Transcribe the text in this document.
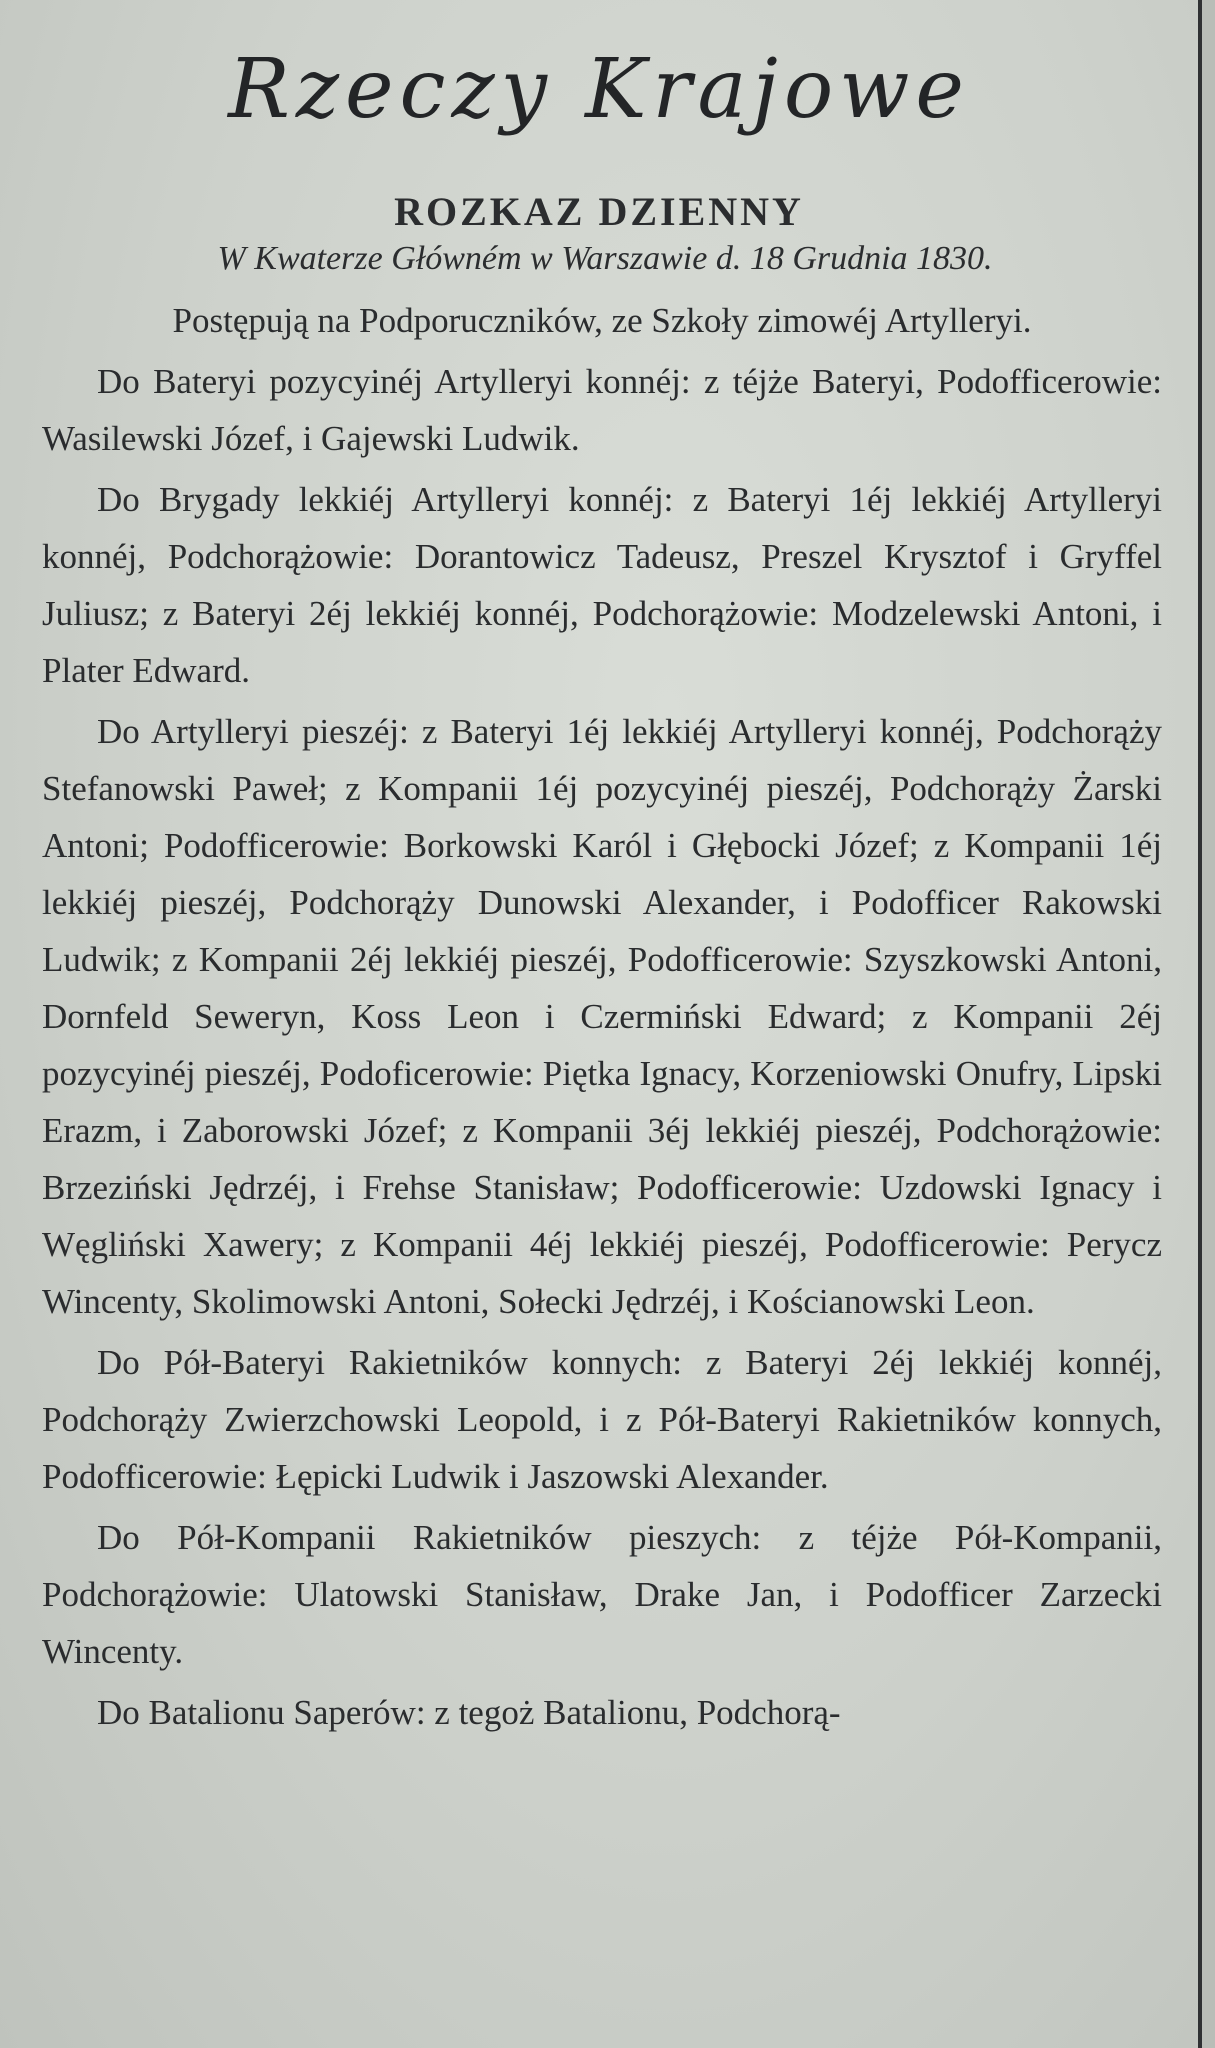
Rzeczy Krajowe
ROZKAZ DZIENNY
W Kwaterze Główném w Warszawie d. 18 Grudnia 1830.

Postępują na Podporuczników, ze Szkoły zimowéj Artylleryi.

Do Bateryi pozycyinéj Artylleryi konnéj: z téjże Bateryi, Podofficerowie: Wasilewski Józef, i Gajewski Ludwik.

Do Brygady lekkiéj Artylleryi konnéj: z Bateryi 1éj lekkiéj Artylleryi konnéj, Podchorążowie: Dorantowicz Tadeusz, Preszel Krysztof i Gryffel Juliusz; z Bateryi 2éj lekkiéj konnéj, Podchorążowie: Modzelewski Antoni, i Plater Edward.

Do Artylleryi pieszéj: z Bateryi 1éj lekkiéj Artylleryi konnéj, Podchorąży Stefanowski Paweł; z Kompanii 1éj pozycyinéj pieszéj, Podchorąży Żarski Antoni; Podofficerowie: Borkowski Karól i Głębocki Józef; z Kompanii 1éj lekkiéj pieszéj, Podchorąży Dunowski Alexander, i Podofficer Rakowski Ludwik; z Kompanii 2éj lekkiéj pieszéj, Podofficerowie: Szyszkowski Antoni, Dornfeld Seweryn, Koss Leon i Czermiński Edward; z Kompanii 2éj pozycyinéj pieszéj, Podoficerowie: Piętka Ignacy, Korzeniowski Onufry, Lipski Erazm, i Zaborowski Józef; z Kompanii 3éj lekkiéj pieszéj, Podchorążowie: Brzeziński Jędrzéj, i Frehse Stanisław; Podofficerowie: Uzdowski Ignacy i Węgliński Xawery; z Kompanii 4éj lekkiéj pieszéj, Podofficerowie: Perycz Wincenty, Skolimowski Antoni, Sołecki Jędrzéj, i Kościanowski Leon.

Do Pół-Bateryi Rakietników konnych: z Bateryi 2éj lekkiéj konnéj, Podchorąży Zwierzchowski Leopold, i z Pół-Bateryi Rakietników konnych, Podofficerowie: Łępicki Ludwik i Jaszowski Alexander.

Do Pół-Kompanii Rakietników pieszych: z téjże Pół-Kompanii, Podchorążowie: Ulatowski Stanisław, Drake Jan, i Podofficer Zarzecki Wincenty.

Do Batalionu Saperów: z tegoż Batalionu, Podchorą-
